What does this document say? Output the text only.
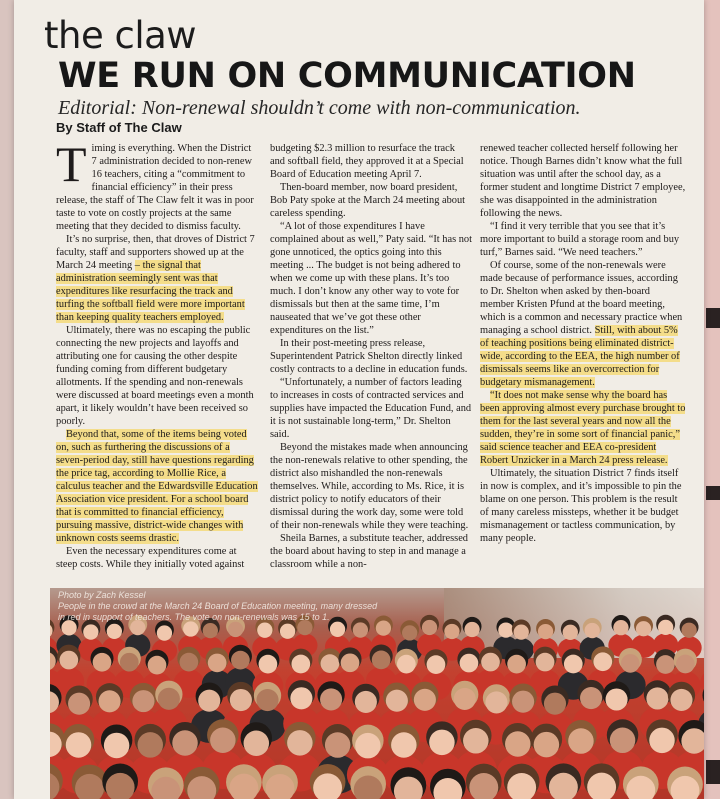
the claw
WE RUN ON COMMUNICATION
Editorial: Non-renewal shouldn’t come with non-communication.
By Staff of The Claw

Timing is everything. When the District 7 administration decided to non-renew 16 teachers, citing a “commitment to financial efficiency” in their press release, the staff of The Claw felt it was in poor taste to vote on costly projects at the same meeting that they decided to dismiss faculty.

It’s no surprise, then, that droves of District 7 faculty, staff and supporters showed up at the March 24 meeting – the signal that administration seemingly sent was that expenditures like resurfacing the track and turfing the softball field were more important than keeping quality teachers employed.

Ultimately, there was no escaping the public connecting the new projects and layoffs and attributing one for causing the other despite funding coming from different budgetary allotments. If the spending and non-renewals were discussed at board meetings even a month apart, it likely wouldn’t have been received so poorly.

Beyond that, some of the items being voted on, such as furthering the discussions of a seven-period day, still have questions regarding the price tag, according to Mollie Rice, a calculus teacher and the Edwardsville Education Association vice president. For a school board that is committed to financial efficiency, pursuing massive, district-wide changes with unknown costs seems drastic.

Even the necessary expenditures come at steep costs. While they initially voted against

budgeting $2.3 million to resurface the track and softball field, they approved it at a Special Board of Education meeting April 7.

Then-board member, now board president, Bob Paty spoke at the March 24 meeting about careless spending.

“A lot of those expenditures I have complained about as well,” Paty said. “It has not gone unnoticed, the optics going into this meeting ... The budget is not being adhered to when we come up with these plans. It’s too much. I don’t know any other way to vote for dismissals but then at the same time, I’m nauseated that we’ve got these other expenditures on the list.”

In their post-meeting press release, Superintendent Patrick Shelton directly linked costly contracts to a decline in education funds.

“Unfortunately, a number of factors leading to increases in costs of contracted services and supplies have impacted the Education Fund, and it is not sustainable long-term,” Dr. Shelton said.

Beyond the mistakes made when announcing the non-renewals relative to other spending, the district also mishandled the non-renewals themselves. While, according to Ms. Rice, it is district policy to notify educators of their dismissal during the work day, some were told of their non-renewals while they were teaching.

Sheila Barnes, a substitute teacher, addressed the board about having to step in and manage a classroom while a non-

renewed teacher collected herself following her notice. Though Barnes didn’t know what the full situation was until after the school day, as a former student and longtime District 7 employee, she was disappointed in the administration following the news.

“I find it very terrible that you see that it’s more important to build a storage room and buy turf,” Barnes said. “We need teachers.”

Of course, some of the non-renewals were made because of performance issues, according to Dr. Shelton when asked by then-board member Kristen Pfund at the board meeting, which is a common and necessary practice when managing a school district. Still, with about 5% of teaching positions being eliminated district-wide, according to the EEA, the high number of dismissals seems like an overcorrection for budgetary mismanagement.

“It does not make sense why the board has been approving almost every purchase brought to them for the last several years and now all the sudden, they’re in some sort of financial panic,” said science teacher and EEA co-president Robert Unzicker in a March 24 press release.

Ultimately, the situation District 7 finds itself in now is complex, and it’s impossible to pin the blame on one person. This problem is the result of many careless missteps, whether it be budget mismanagement or tactless communication, by many people.

Photo by Zach Kessel
People in the crowd at the March 24 Board of Education meeting, many dressed in red in support of teachers. The vote on non-renewals was 15 to 1.
